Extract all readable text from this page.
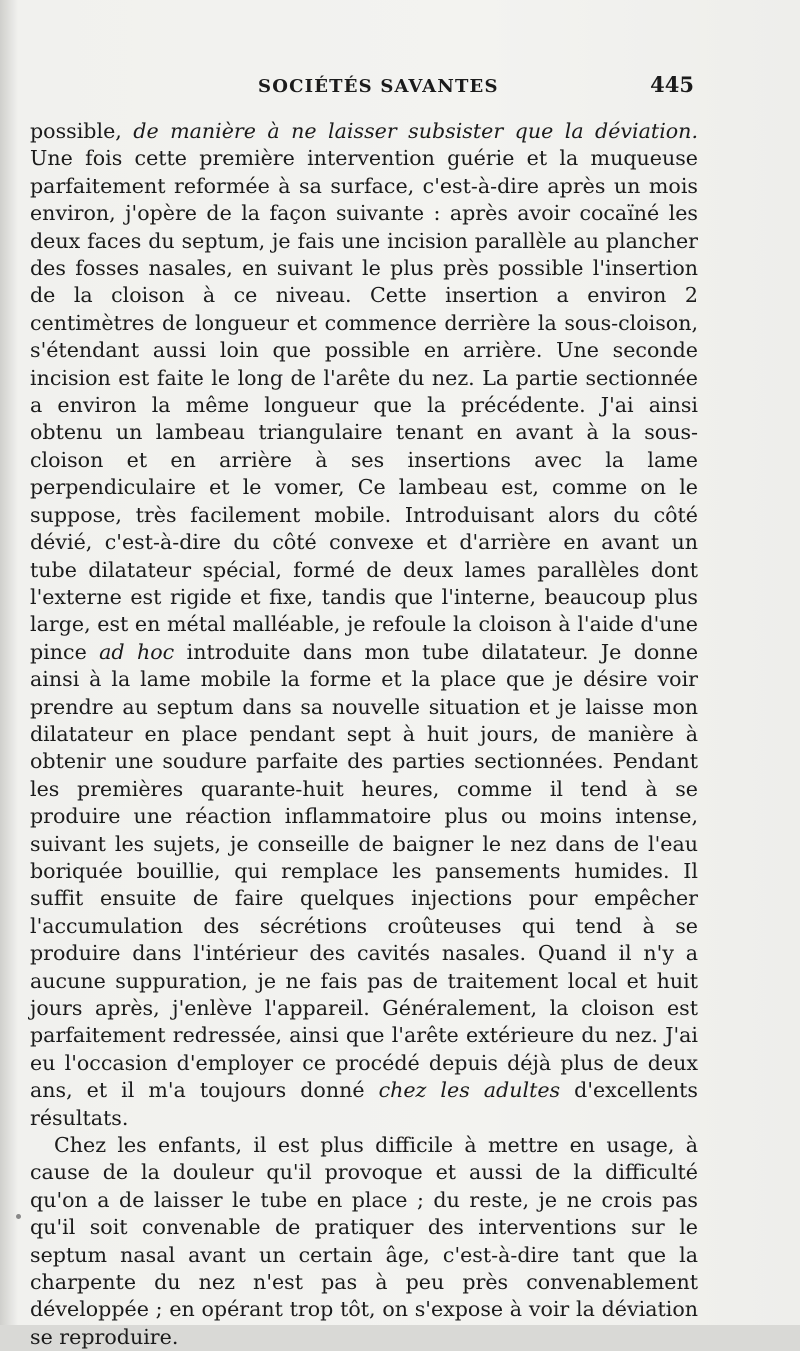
SOCIÉTÉS SAVANTES	445

possible, de manière à ne laisser subsister que la déviation. Une fois cette première intervention guérie et la muqueuse parfaitement reformée à sa surface, c'est-à-dire après un mois environ, j'opère de la façon suivante : après avoir cocaïné les deux faces du septum, je fais une incision parallèle au plancher des fosses nasales, en suivant le plus près possible l'insertion de la cloison à ce niveau. Cette insertion a environ 2 centimètres de longueur et commence derrière la sous-cloison, s'étendant aussi loin que possible en arrière. Une seconde incision est faite le long de l'arête du nez. La partie sectionnée a environ la même longueur que la précédente. J'ai ainsi obtenu un lambeau triangulaire tenant en avant à la sous-cloison et en arrière à ses insertions avec la lame perpendiculaire et le vomer, Ce lambeau est, comme on le suppose, très facilement mobile. Introduisant alors du côté dévié, c'est-à-dire du côté convexe et d'arrière en avant un tube dilatateur spécial, formé de deux lames parallèles dont l'externe est rigide et fixe, tandis que l'interne, beaucoup plus large, est en métal malléable, je refoule la cloison à l'aide d'une pince ad hoc introduite dans mon tube dilatateur. Je donne ainsi à la lame mobile la forme et la place que je désire voir prendre au septum dans sa nouvelle situation et je laisse mon dilatateur en place pendant sept à huit jours, de manière à obtenir une soudure parfaite des parties sectionnées. Pendant les premières quarante-huit heures, comme il tend à se produire une réaction inflammatoire plus ou moins intense, suivant les sujets, je conseille de baigner le nez dans de l'eau boriquée bouillie, qui remplace les pansements humides. Il suffit ensuite de faire quelques injections pour empêcher l'accumulation des sécrétions croûteuses qui tend à se produire dans l'intérieur des cavités nasales. Quand il n'y a aucune suppuration, je ne fais pas de traitement local et huit jours après, j'enlève l'appareil. Généralement, la cloison est parfaitement redressée, ainsi que l'arête extérieure du nez. J'ai eu l'occasion d'employer ce procédé depuis déjà plus de deux ans, et il m'a toujours donné chez les adultes d'excellents résultats.

Chez les enfants, il est plus difficile à mettre en usage, à cause de la douleur qu'il provoque et aussi de la difficulté qu'on a de laisser le tube en place ; du reste, je ne crois pas qu'il soit convenable de pratiquer des interventions sur le septum nasal avant un certain âge, c'est-à-dire tant que la charpente du nez n'est pas à peu près convenablement développée ; en opérant trop tôt, on s'expose à voir la déviation se reproduire.
